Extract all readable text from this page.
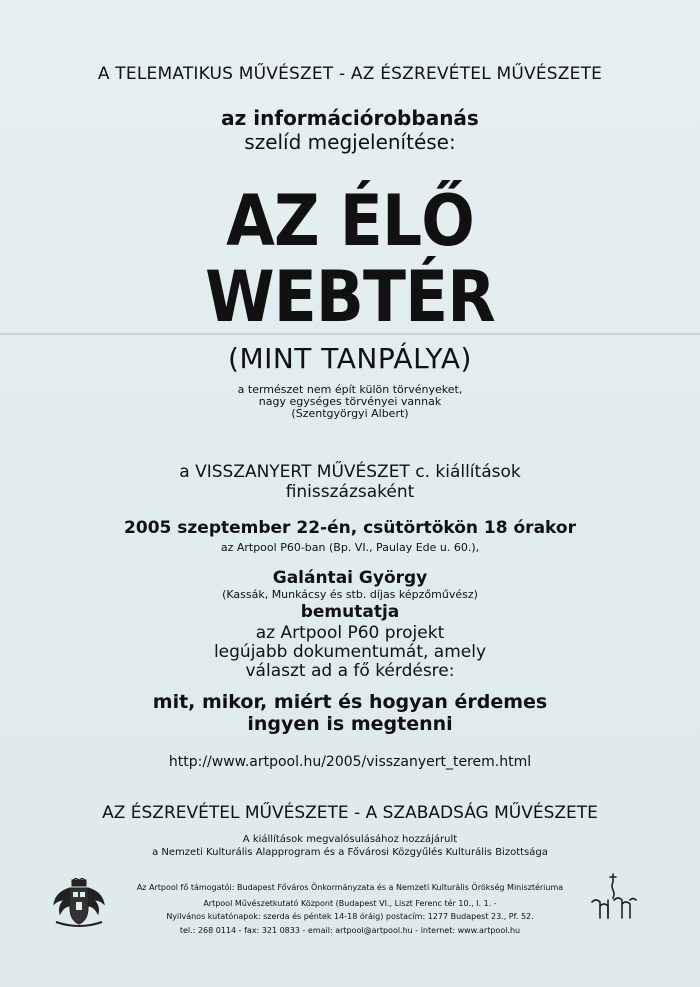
A TELEMATIKUS MŰVÉSZET - AZ ÉSZREVÉTEL MŰVÉSZETE
az információrobbanás
szelíd megjelenítése:
AZ ÉLŐ
WEBTÉR
(MINT TANPÁLYA)
a természet nem épít külön törvényeket,
nagy egységes törvényei vannak
(Szentgyörgyi Albert)
a VISSZANYERT MŰVÉSZET c. kiállítások
finisszázsaként
2005 szeptember 22-én, csütörtökön 18 órakor
az Artpool P60-ban (Bp. VI., Paulay Ede u. 60.),
Galántai György
(Kassák, Munkácsy és stb. díjas képzőművész)
bemutatja
az Artpool P60 projekt
legújabb dokumentumát, amely
választ ad a fő kérdésre:
mit, mikor, miért és hogyan érdemes
ingyen is megtenni
http://www.artpool.hu/2005/visszanyert_terem.html
AZ ÉSZREVÉTEL MŰVÉSZETE - A SZABADSÁG MŰVÉSZETE
A kiállítások megvalósulásához hozzájárult
a Nemzeti Kulturális Alapprogram és a Fővárosi Közgyűlés Kulturális Bizottsága
Az Artpool fő támogatói: Budapest Főváros Önkormányzata és a Nemzeti Kulturális Örökség Minisztériuma
Artpool Művészetkutató Központ (Budapest VI., Liszt Ferenc tér 10., I. 1. -
Nyilvános kutatónapok: szerda és péntek 14-18 óráig) postacím: 1277 Budapest 23., Pf. 52.
tel.: 268 0114 - fax: 321 0833 - email: artpool@artpool.hu - internet: www.artpool.hu
